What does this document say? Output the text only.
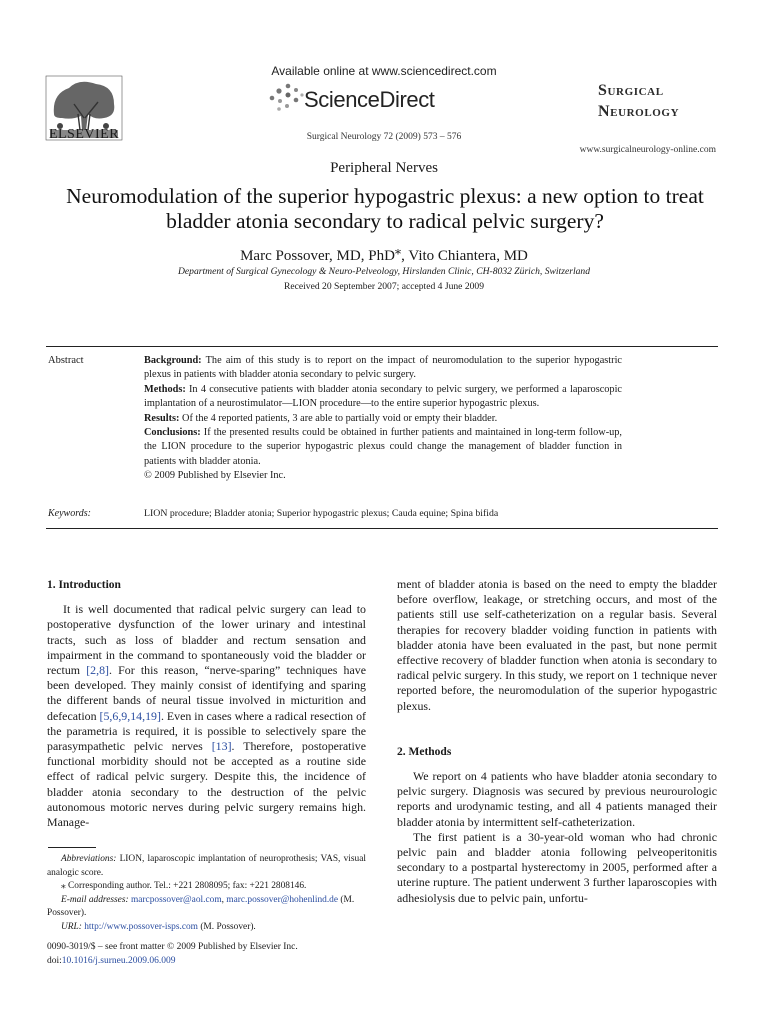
ELSEVIER
Available online at www.sciencedirect.com
ScienceDirect
Surgical Neurology 72 (2009) 573 – 576
Surgical
Neurology
www.surgicalneurology-online.com
Peripheral Nerves
Neuromodulation of the superior hypogastric plexus: a new option to treat bladder atonia secondary to radical pelvic surgery?
Marc Possover, MD, PhD⁎, Vito Chiantera, MD
Department of Surgical Gynecology & Neuro-Pelveology, Hirslanden Clinic, CH-8032 Zürich, Switzerland
Received 20 September 2007; accepted 4 June 2009
Abstract	Background: The aim of this study is to report on the impact of neuromodulation to the superior hypogastric plexus in patients with bladder atonia secondary to pelvic surgery.

Methods: In 4 consecutive patients with bladder atonia secondary to pelvic surgery, we performed a laparoscopic implantation of a neurostimulator—LION procedure—to the entire superior hypogastric plexus.

Results: Of the 4 reported patients, 3 are able to partially void or empty their bladder.

Conclusions: If the presented results could be obtained in further patients and maintained in long-term follow-up, the LION procedure to the superior hypogastric plexus could change the management of bladder function in patients with bladder atonia.

© 2009 Published by Elsevier Inc.

Keywords:	LION procedure; Bladder atonia; Superior hypogastric plexus; Cauda equine; Spina bifida

1. Introduction

It is well documented that radical pelvic surgery can lead to postoperative dysfunction of the lower urinary and intestinal tracts, such as loss of bladder and rectum sensation and impairment in the command to spontaneously void the bladder or rectum [2,8]. For this reason, “nerve-sparing” techniques have been developed. They mainly consist of identifying and sparing the different bands of neural tissue involved in micturition and defecation [5,6,9,14,19]. Even in cases where a radical resection of the parametria is required, it is possible to selectively spare the parasympathetic pelvic nerves [13]. Therefore, postoperative functional morbidity should not be accepted as a routine side effect of radical pelvic surgery. Despite this, the incidence of bladder atonia secondary to the destruction of the pelvic autonomous motoric nerves during pelvic surgery remains high. Manage-

Abbreviations: LION, laparoscopic implantation of neuroprothesis; VAS, visual analogic score.

⁎ Corresponding author. Tel.: +221 2808095; fax: +221 2808146.

E-mail addresses: marcpossover@aol.com, marc.possover@hohenlind.de (M. Possover).

URL: http://www.possover-isps.com (M. Possover).

0090-3019/$ – see front matter © 2009 Published by Elsevier Inc.

doi:10.1016/j.surneu.2009.06.009

ment of bladder atonia is based on the need to empty the bladder before overflow, leakage, or stretching occurs, and most of the patients still use self-catheterization on a regular basis. Several therapies for recovery bladder voiding function in patients with bladder atonia have been evaluated in the past, but none permit effective recovery of bladder function when atonia is secondary to radical pelvic surgery. In this study, we report on 1 technique never reported before, the neuromodulation of the superior hypogastric plexus.

2. Methods

We report on 4 patients who have bladder atonia secondary to pelvic surgery. Diagnosis was secured by previous neurourologic reports and urodynamic testing, and all 4 patients managed their bladder atonia by intermittent self-catheterization.

The first patient is a 30-year-old woman who had chronic pelvic pain and bladder atonia following pelveoperitonitis secondary to a postpartal hysterectomy in 2005, performed after a uterine rupture. The patient underwent 3 further laparoscopies with adhesiolysis due to pelvic pain, unfortu-
